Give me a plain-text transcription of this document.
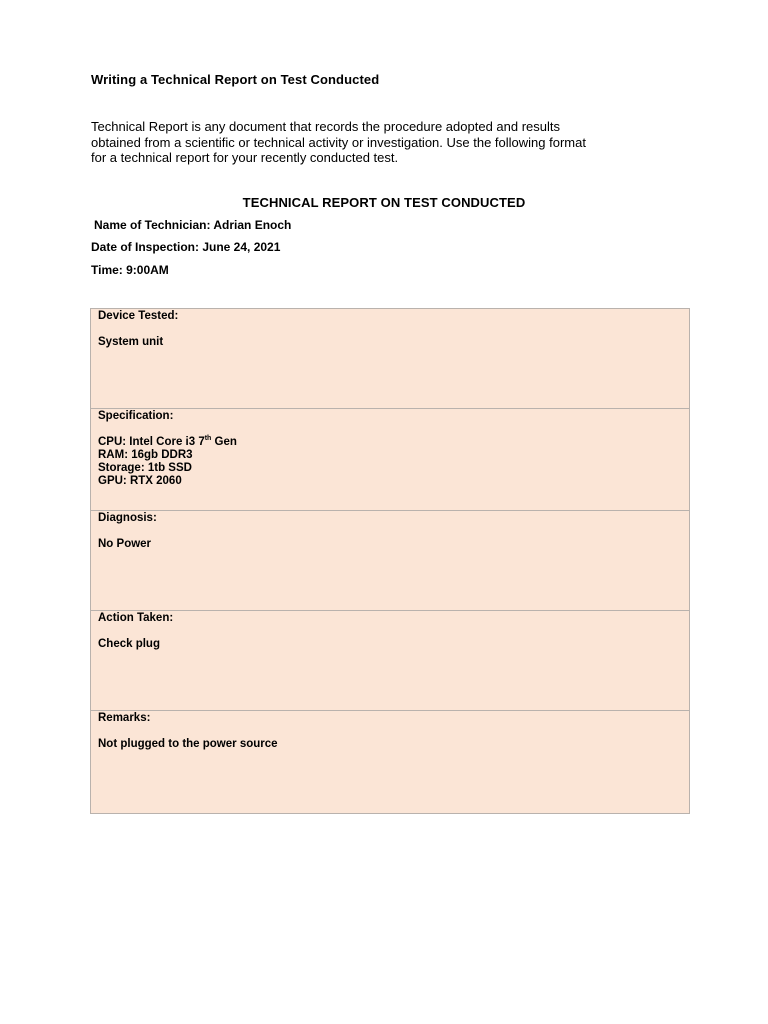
Writing a Technical Report on Test Conducted
Technical Report is any document that records the procedure adopted and results
obtained from a scientific or technical activity or investigation. Use the following format
for a technical report for your recently conducted test.
TECHNICAL REPORT ON TEST CONDUCTED
Name of Technician: Adrian Enoch
Date of Inspection: June 24, 2021
Time: 9:00AM
Device Tested:
System unit
Specification:
CPU: Intel Core i3 7th Gen
RAM: 16gb DDR3
Storage: 1tb SSD
GPU: RTX 2060
Diagnosis:
No Power
Action Taken:
Check plug
Remarks:
Not plugged to the power source
